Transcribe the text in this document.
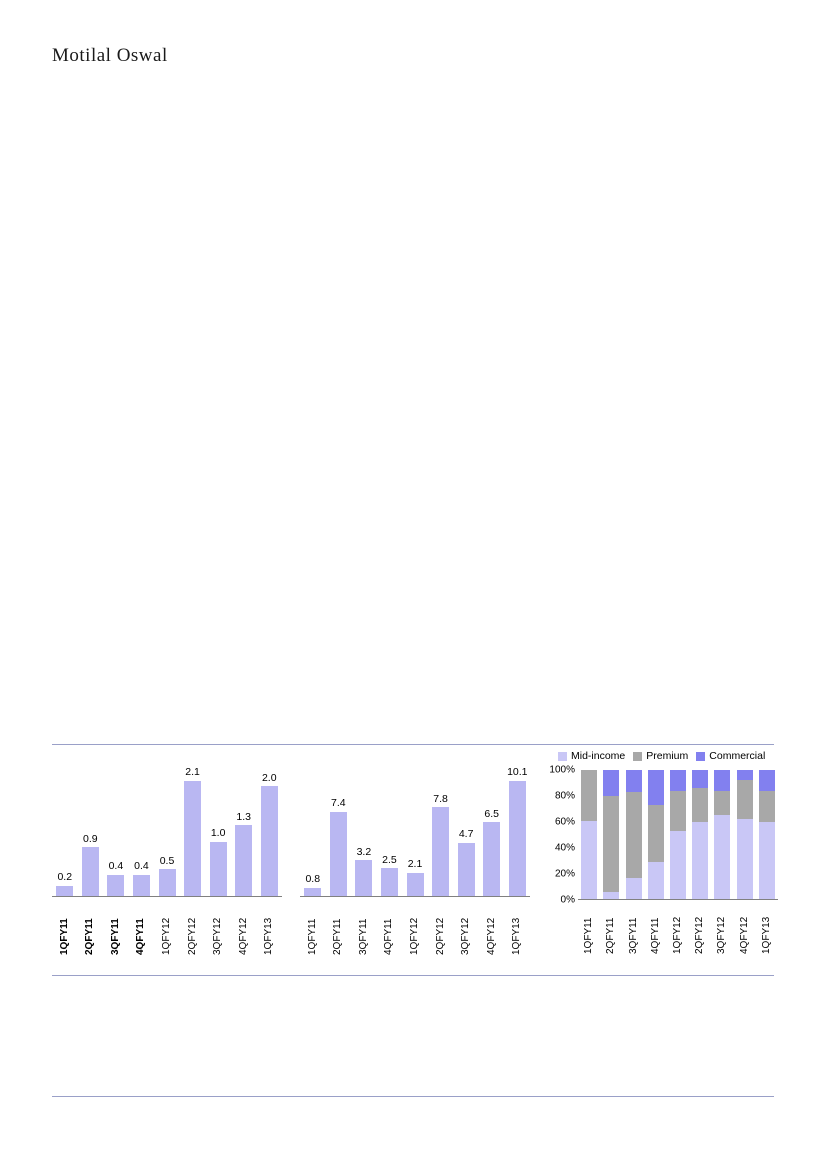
Motilal Oswal
0.2
0.9
0.4 0.4 0.5
2.1
1.0
1.3
2.0
1QFY11 2QFY11 3QFY11 4QFY11 1QFY12 2QFY12 3QFY12 4QFY12 1QFY13
0.8
7.4
3.2
2.5 2.1
7.8
4.7
6.5
10.1
1QFY11 2QFY11 3QFY11 4QFY11 1QFY12 2QFY12 3QFY12 4QFY12 1QFY13
Mid-income Premium Commercial
100%
80%
60%
40%
20%
0%
1QFY11 2QFY11 3QFY11 4QFY11 1QFY12 2QFY12 3QFY12 4QFY12 1QFY13
